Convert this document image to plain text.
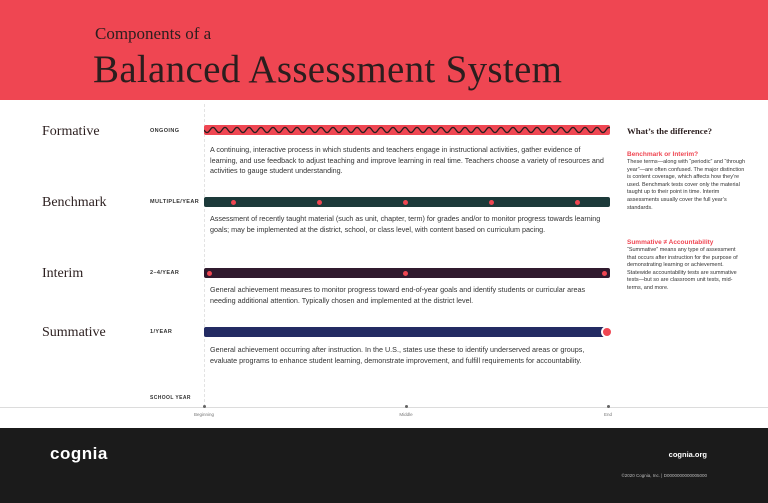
Components of a
Balanced Assessment System
Formative	ONGOING
A continuing, interactive process in which students and teachers engage in instructional activities, gather evidence of learning, and use feedback to adjust teaching and improve learning in real time. Teachers choose a variety of resources and activities to gauge student understanding.
Benchmark	MULTIPLE/YEAR
Assessment of recently taught material (such as unit, chapter, term) for grades and/or to monitor progress towards learning goals; may be implemented at the district, school, or class level, with content based on curriculum pacing.
Interim	2–4/YEAR
General achievement measures to monitor progress toward end-of-year goals and identify students or curricular areas needing additional attention. Typically chosen and implemented at the district level.
Summative	1/YEAR
General achievement occurring after instruction. In the U.S., states use these to identify underserved areas or groups, evaluate programs to enhance student learning, demonstrate improvement, and fulfill requirements for accountability.
SCHOOL YEAR
Beginning	Middle	End
What’s the difference?
Benchmark or Interim?
These terms—along with “periodic” and “through year”—are often confused. The major distinction is content coverage, which affects how they’re used. Benchmark tests cover only the material taught up to their point in time. Interim assessments usually cover the full year’s standards.
Summative ≠ Accountability
“Summative” means any type of assessment that occurs after instruction for the purpose of demonstrating learning or achievement. Statewide accountability tests are summative tests—but so are classroom unit tests, mid-terms, and more.
cognia	cognia.org
©2020 Cognia, Inc. | D0000000000005000
